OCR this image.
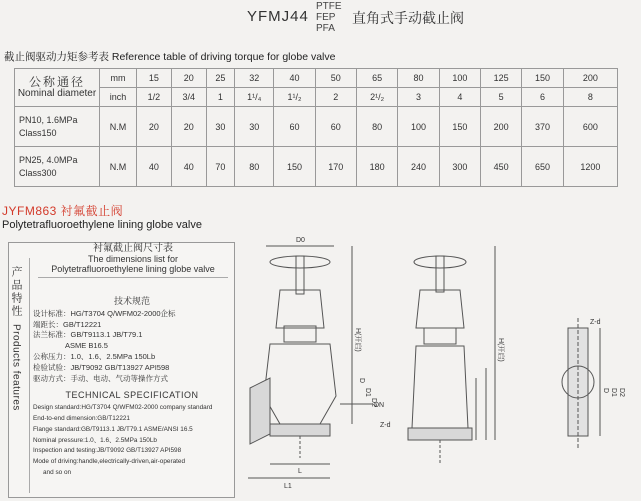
YFMJ44
PTFE
FEP
PFA
直角式手动截止阀
截止阀驱动力矩参考表 Reference table of driving torque for globe valve
公称通径
Nominal diameter	mm	15	20	25	32	40	50	65	80	100	125	150	200
	inch	1/2	3/4	1	1¹/₄	1¹/₂	2	2¹/₂	3	4	5	6	8

PN10, 1.6MPa
Class150	N.M	20	20	30	30	60	60	80	100	150	200	370	600

PN25, 4.0MPa
Class300	N.M	40	40	70	80	150	170	180	240	300	450	650	1200
JYFM863 衬氟截止阀
Polytetrafluoroethylene lining globe valve
产品特性
Products features
衬氟截止阀尺寸表
The dimensions list for
Polytetrafluoroethylene lining globe valve
技术规范
设计标准：HG/T3704 Q/WFM02-2000企标
端距长：GB/T12221
法兰标准：GB/T9113.1 JB/T79.1
ASME B16.5
公称压力：1.0、1.6、2.5MPa 150Lb
检验试验：JB/T9092 GB/T13927 API598
驱动方式：手动、电动、气动等操作方式
TECHNICAL SPECIFICATION
Design standard:HG/T3704 Q/WFM02-2000 company standard
End-to-end dimension:GB/T12221
Flange standard:GB/T9113.1 JB/T79.1 ASME/ANSI 16.5
Nominal pressure:1.0、1.6、2.5MPa 150Lb
Inspection and testing:JB/T9092 GB/T13927 API598
Mode of driving:handle,electrically-driven,air-operated
and so on
D0
H(开启)
DN
Z-d
D
D1
D2
L
L1
H(开启)
Z-d
D D1 D2
